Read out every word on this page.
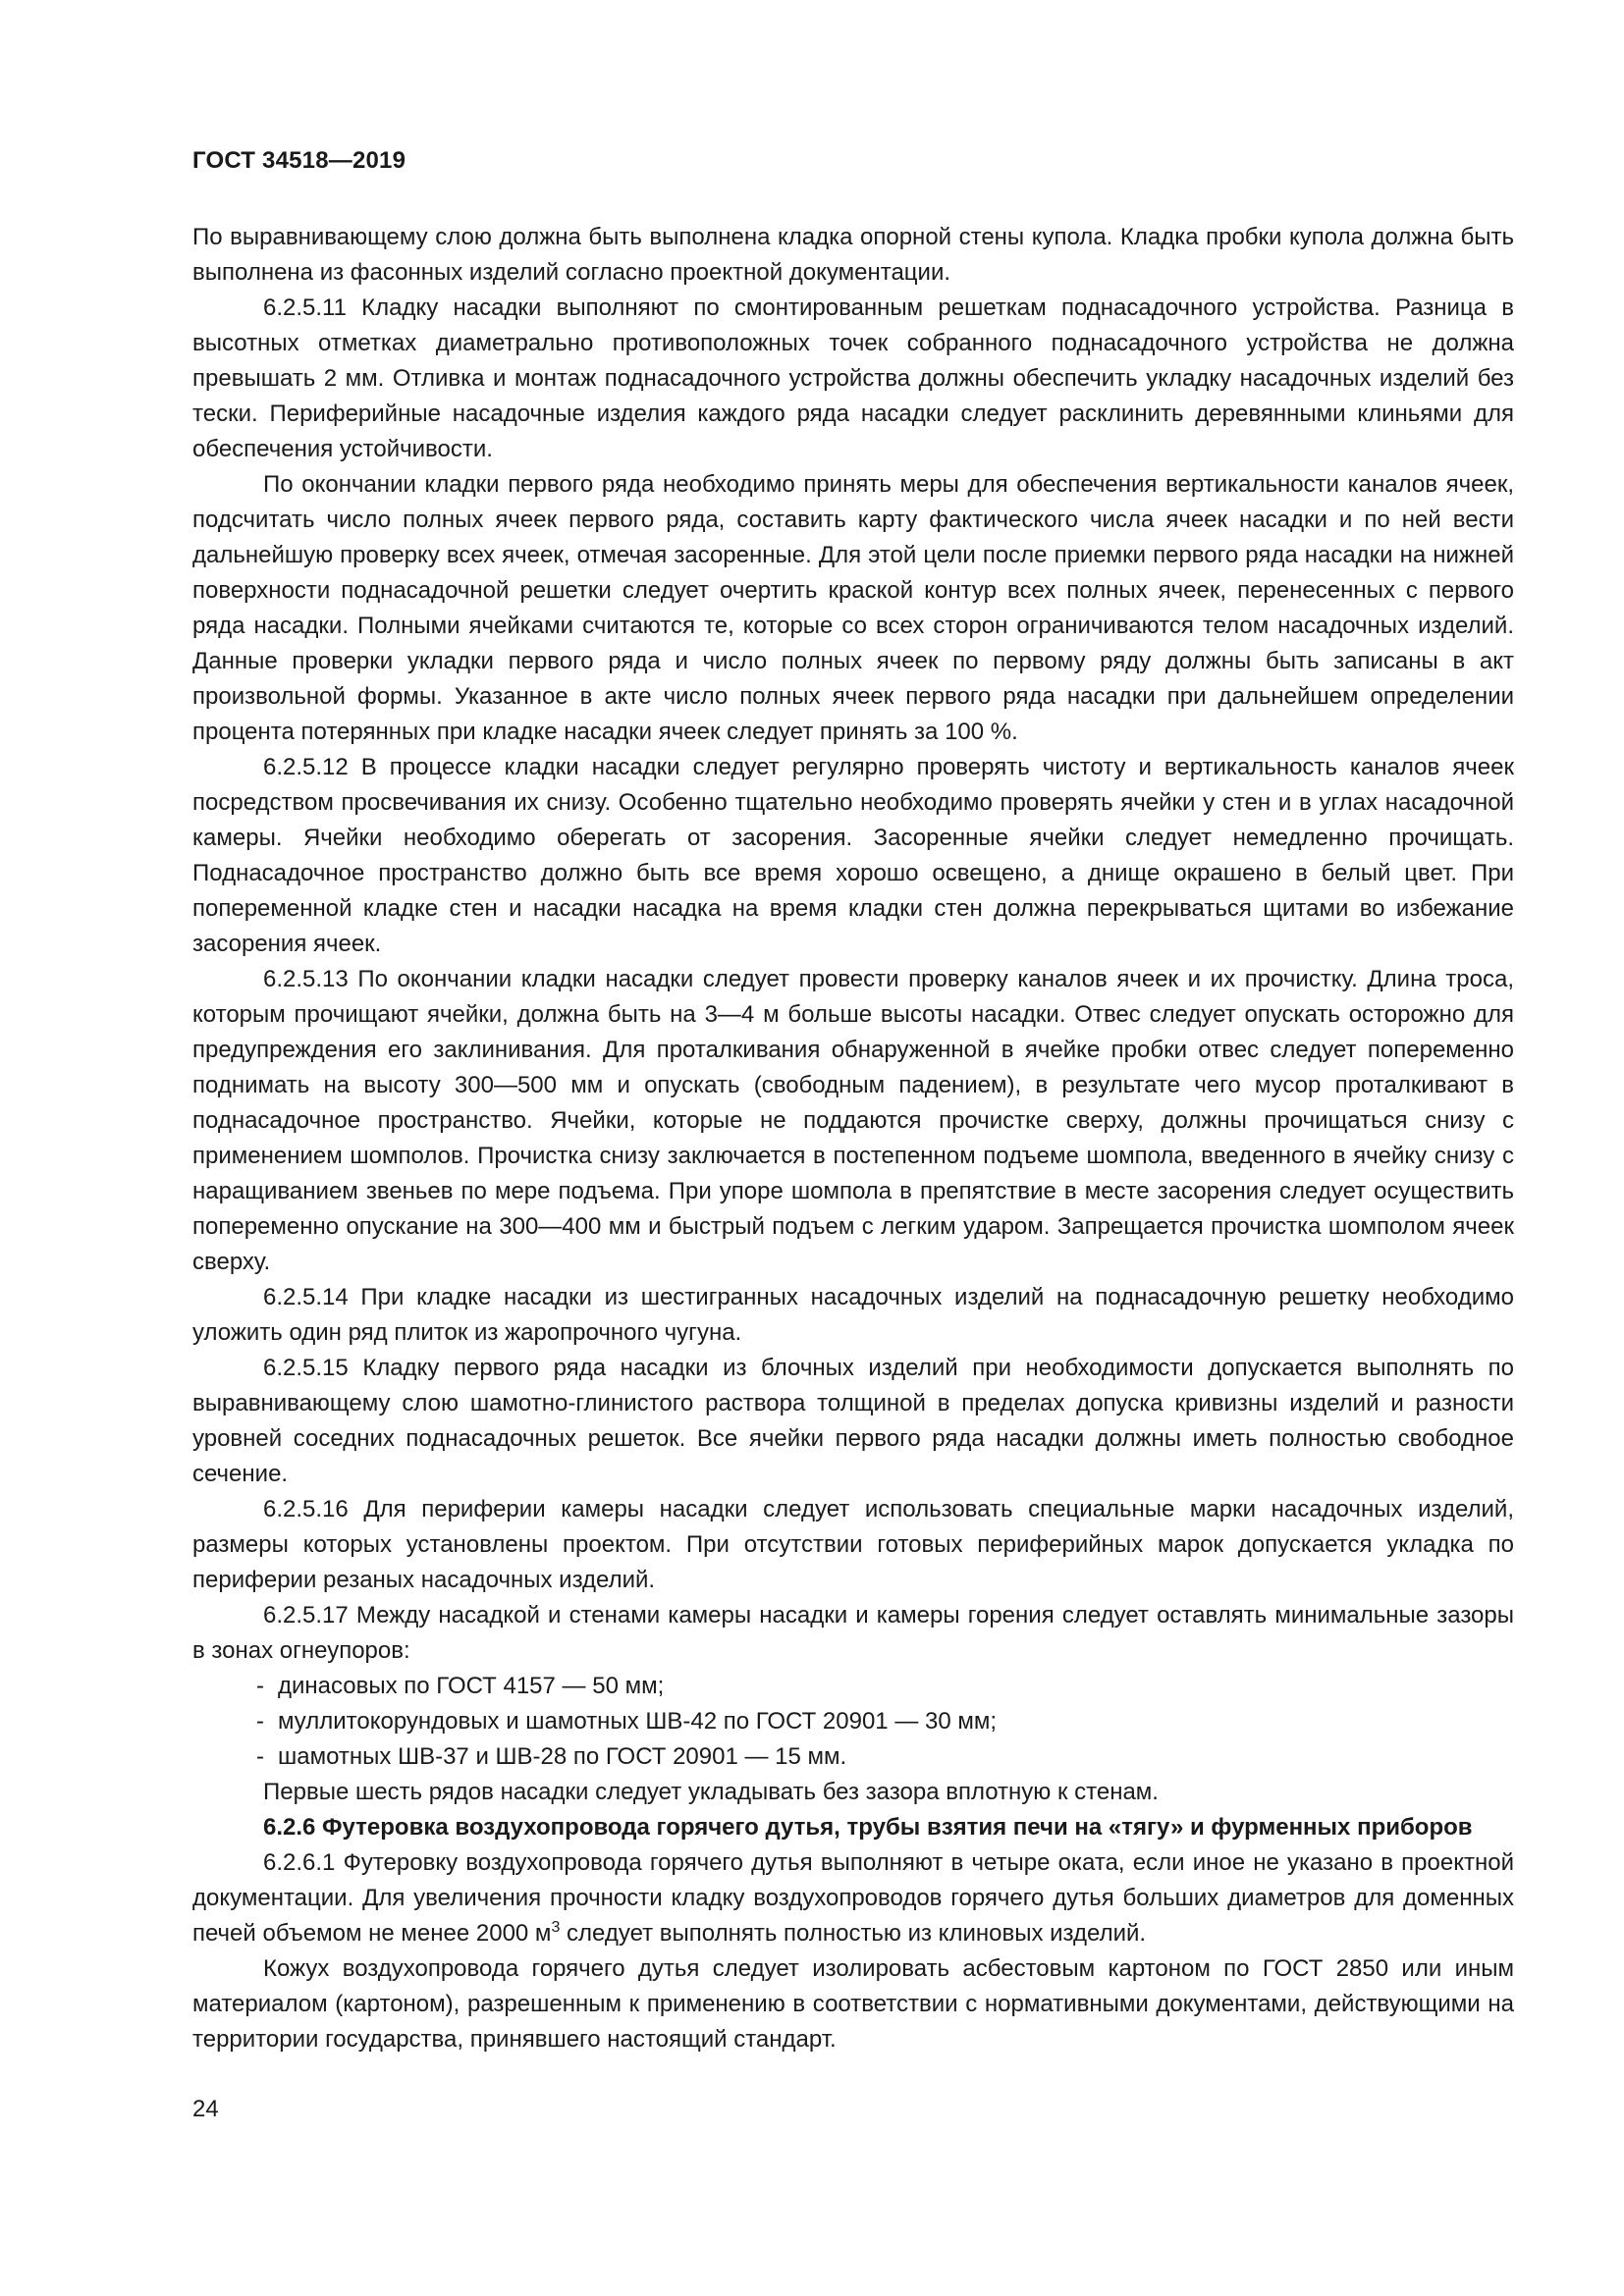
ГОСТ 34518—2019

По выравнивающему слою должна быть выполнена кладка опорной стены купола. Кладка пробки купола должна быть выполнена из фасонных изделий согласно проектной документации.

6.2.5.11 Кладку насадки выполняют по смонтированным решеткам поднасадочного устройства. Разница в высотных отметках диаметрально противоположных точек собранного поднасадочного устройства не должна превышать 2 мм. Отливка и монтаж поднасадочного устройства должны обеспечить укладку насадочных изделий без тески. Периферийные насадочные изделия каждого ряда насадки следует расклинить деревянными клиньями для обеспечения устойчивости.

По окончании кладки первого ряда необходимо принять меры для обеспечения вертикальности каналов ячеек, подсчитать число полных ячеек первого ряда, составить карту фактического числа ячеек насадки и по ней вести дальнейшую проверку всех ячеек, отмечая засоренные. Для этой цели после приемки первого ряда насадки на нижней поверхности поднасадочной решетки следует очертить краской контур всех полных ячеек, перенесенных с первого ряда насадки. Полными ячейками считаются те, которые со всех сторон ограничиваются телом насадочных изделий. Данные проверки укладки первого ряда и число полных ячеек по первому ряду должны быть записаны в акт произвольной формы. Указанное в акте число полных ячеек первого ряда насадки при дальнейшем определении процента потерянных при кладке насадки ячеек следует принять за 100 %.

6.2.5.12 В процессе кладки насадки следует регулярно проверять чистоту и вертикальность каналов ячеек посредством просвечивания их снизу. Особенно тщательно необходимо проверять ячейки у стен и в углах насадочной камеры. Ячейки необходимо оберегать от засорения. Засоренные ячейки следует немедленно прочищать. Поднасадочное пространство должно быть все время хорошо освещено, а днище окрашено в белый цвет. При попеременной кладке стен и насадки насадка на время кладки стен должна перекрываться щитами во избежание засорения ячеек.

6.2.5.13 По окончании кладки насадки следует провести проверку каналов ячеек и их прочистку. Длина троса, которым прочищают ячейки, должна быть на 3—4 м больше высоты насадки. Отвес следует опускать осторожно для предупреждения его заклинивания. Для проталкивания обнаруженной в ячейке пробки отвес следует попеременно поднимать на высоту 300—500 мм и опускать (свободным падением), в результате чего мусор проталкивают в поднасадочное пространство. Ячейки, которые не поддаются прочистке сверху, должны прочищаться снизу с применением шомполов. Прочистка снизу заключается в постепенном подъеме шомпола, введенного в ячейку снизу с наращиванием звеньев по мере подъема. При упоре шомпола в препятствие в месте засорения следует осуществить попеременно опускание на 300—400 мм и быстрый подъем с легким ударом. Запрещается прочистка шомполом ячеек сверху.

6.2.5.14 При кладке насадки из шестигранных насадочных изделий на поднасадочную решетку необходимо уложить один ряд плиток из жаропрочного чугуна.

6.2.5.15 Кладку первого ряда насадки из блочных изделий при необходимости допускается выполнять по выравнивающему слою шамотно-глинистого раствора толщиной в пределах допуска кривизны изделий и разности уровней соседних поднасадочных решеток. Все ячейки первого ряда насадки должны иметь полностью свободное сечение.

6.2.5.16 Для периферии камеры насадки следует использовать специальные марки насадочных изделий, размеры которых установлены проектом. При отсутствии готовых периферийных марок допускается укладка по периферии резаных насадочных изделий.

6.2.5.17 Между насадкой и стенами камеры насадки и камеры горения следует оставлять минимальные зазоры в зонах огнеупоров:

- динасовых по ГОСТ 4157 — 50 мм;

- муллитокорундовых и шамотных ШВ-42 по ГОСТ 20901 — 30 мм;

- шамотных ШВ-37 и ШВ-28 по ГОСТ 20901 — 15 мм.

Первые шесть рядов насадки следует укладывать без зазора вплотную к стенам.

6.2.6 Футеровка воздухопровода горячего дутья, трубы взятия печи на «тягу» и фурменных приборов

6.2.6.1 Футеровку воздухопровода горячего дутья выполняют в четыре оката, если иное не указано в проектной документации. Для увеличения прочности кладку воздухопроводов горячего дутья больших диаметров для доменных печей объемом не менее 2000 $м^3$ следует выполнять полностью из клиновых изделий.

Кожух воздухопровода горячего дутья следует изолировать асбестовым картоном по ГОСТ 2850 или иным материалом (картоном), разрешенным к применению в соответствии с нормативными документами, действующими на территории государства, принявшего настоящий стандарт.

24
